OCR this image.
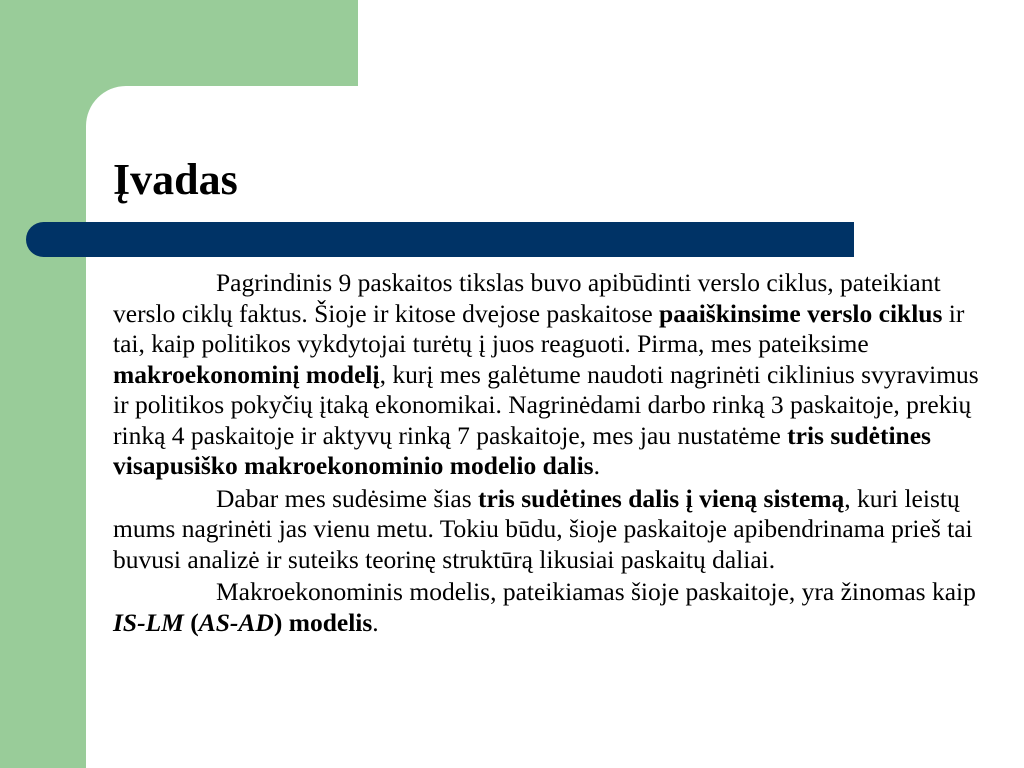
Įvadas

Pagrindinis 9 paskaitos tikslas buvo apibūdinti verslo ciklus, pateikiant verslo ciklų faktus. Šioje ir kitose dvejose paskaitose paaiškinsime verslo ciklus ir tai, kaip politikos vykdytojai turėtų į juos reaguoti. Pirma, mes pateiksime makroekonominį modelį, kurį mes galėtume naudoti nagrinėti ciklinius svyravimus ir politikos pokyčių įtaką ekonomikai. Nagrinėdami darbo rinką 3 paskaitoje, prekių rinką 4 paskaitoje ir aktyvų rinką 7 paskaitoje, mes jau nustatėme tris sudėtines visapusiško makroekonominio modelio dalis.

Dabar mes sudėsime šias tris sudėtines dalis į vieną sistemą, kuri leistų mums nagrinėti jas vienu metu. Tokiu būdu, šioje paskaitoje apibendrinama prieš tai buvusi analizė ir suteiks teorinę struktūrą likusiai paskaitų daliai.

Makroekonominis modelis, pateikiamas šioje paskaitoje, yra žinomas kaip IS-LM (AS-AD) modelis.
